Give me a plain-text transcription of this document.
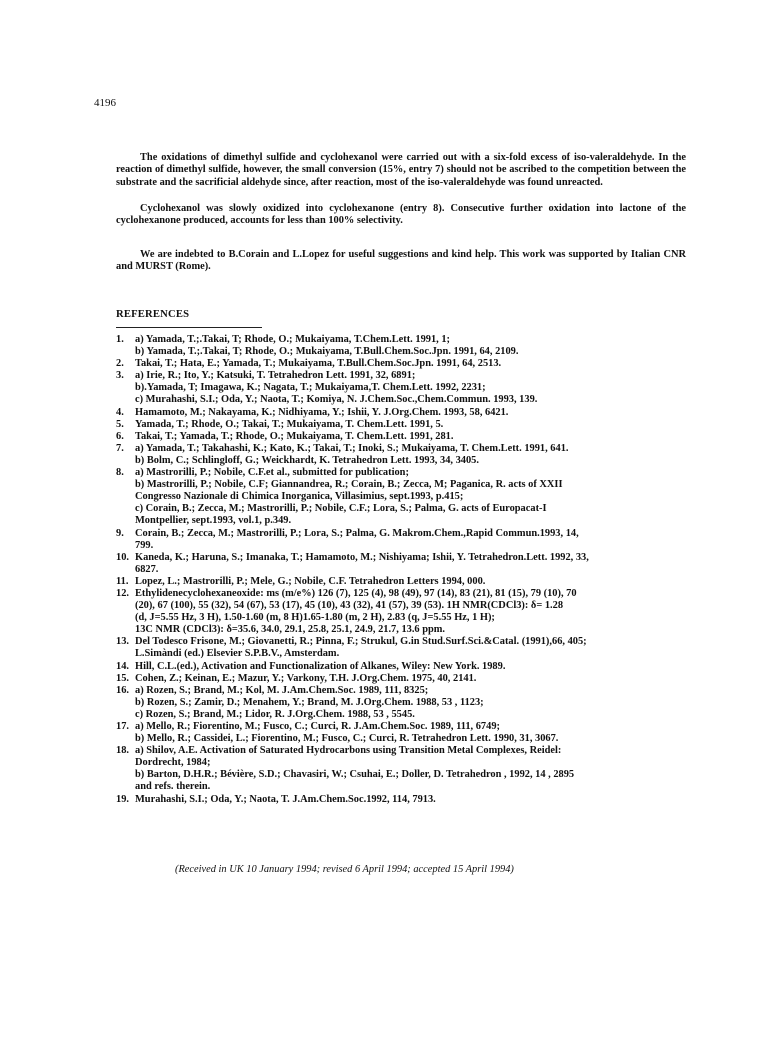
4196

The oxidations of dimethyl sulfide and cyclohexanol were carried out with a six-fold excess of iso-valeraldehyde. In the reaction of dimethyl sulfide, however, the small conversion (15%, entry 7) should not be ascribed to the competition between the substrate and the sacrificial aldehyde since, after reaction, most of the iso-valeraldehyde was found unreacted.

Cyclohexanol was slowly oxidized into cyclohexanone (entry 8). Consecutive further oxidation into lactone of the cyclohexanone produced, accounts for less than 100% selectivity.

We are indebted to B.Corain and L.Lopez for useful suggestions and kind help. This work was supported by Italian CNR and MURST (Rome).

REFERENCES
1.	a) Yamada, T.;.Takai, T; Rhode, O.; Mukaiyama, T.Chem.Lett. 1991, 1;
b) Yamada, T.;.Takai, T; Rhode, O.; Mukaiyama, T.Bull.Chem.Soc.Jpn. 1991, 64, 2109.
2.	Takai, T.; Hata, E.; Yamada, T.; Mukaiyama, T.Bull.Chem.Soc.Jpn. 1991, 64, 2513.
3.	a) Irie, R.; Ito, Y.; Katsuki, T. Tetrahedron Lett. 1991, 32, 6891;
b).Yamada, T; Imagawa, K.; Nagata, T.; Mukaiyama,T. Chem.Lett. 1992, 2231;
c) Murahashi, S.I.; Oda, Y.; Naota, T.; Komiya, N. J.Chem.Soc.,Chem.Commun. 1993, 139.
4.	Hamamoto, M.; Nakayama, K.; Nidhiyama, Y.; Ishii, Y. J.Org.Chem. 1993, 58, 6421.
5.	Yamada, T.; Rhode, O.; Takai, T.; Mukaiyama, T. Chem.Lett. 1991, 5.
6.	Takai, T.; Yamada, T.; Rhode, O.; Mukaiyama, T. Chem.Lett. 1991, 281.
7.	a) Yamada, T.; Takahashi, K.; Kato, K.; Takai, T.; Inoki, S.; Mukaiyama, T. Chem.Lett. 1991, 641.
b) Bolm, C.; Schlingloff, G.; Weickhardt, K. Tetrahedron Lett. 1993, 34, 3405.
8.	a) Mastrorilli, P.; Nobile, C.F.et al., submitted for publication;
b) Mastrorilli, P.; Nobile, C.F; Giannandrea, R.; Corain, B.; Zecca, M; Paganica, R. acts of XXII
Congresso Nazionale di Chimica Inorganica, Villasimius, sept.1993, p.415;
c) Corain, B.; Zecca, M.; Mastrorilli, P.; Nobile, C.F.; Lora, S.; Palma, G. acts of Europacat-I
Montpellier, sept.1993, vol.1, p.349.
9.	Corain, B.; Zecca, M.; Mastrorilli, P.; Lora, S.; Palma, G. Makrom.Chem.,Rapid Commun.1993, 14,
799.
10. Kaneda, K.; Haruna, S.; Imanaka, T.; Hamamoto, M.; Nishiyama; Ishii, Y. Tetrahedron.Lett. 1992, 33,
6827.
11. Lopez, L.; Mastrorilli, P.; Mele, G.; Nobile, C.F. Tetrahedron Letters 1994, 000.
12. Ethylidenecyclohexaneoxide: ms (m/e%) 126 (7), 125 (4), 98 (49), 97 (14), 83 (21), 81 (15), 79 (10), 70
(20), 67 (100), 55 (32), 54 (67), 53 (17), 45 (10), 43 (32), 41 (57), 39 (53). 1H NMR(CDCl3): δ= 1.28
(d, J=5.55 Hz, 3 H), 1.50-1.60 (m, 8 H)1.65-1.80 (m, 2 H), 2.83 (q, J=5.55 Hz, 1 H);
13C NMR (CDCl3): δ=35.6, 34.0, 29.1, 25.8, 25.1, 24.9, 21.7, 13.6 ppm.
13. Del Todesco Frisone, M.; Giovanetti, R.; Pinna, F.; Strukul, G.in Stud.Surf.Sci.&Catal. (1991),66, 405;
L.Simàndi (ed.) Elsevier S.P.B.V., Amsterdam.
14. Hill, C.L.(ed.), Activation and Functionalization of Alkanes, Wiley: New York. 1989.
15. Cohen, Z.; Keinan, E.; Mazur, Y.; Varkony, T.H. J.Org.Chem. 1975, 40, 2141.
16. a) Rozen, S.; Brand, M.; Kol, M. J.Am.Chem.Soc. 1989, 111, 8325;
b) Rozen, S.; Zamir, D.; Menahem, Y.; Brand, M. J.Org.Chem. 1988, 53 , 1123;
c) Rozen, S.; Brand, M.; Lidor, R. J.Org.Chem. 1988, 53 , 5545.
17. a) Mello, R.; Fiorentino, M.; Fusco, C.; Curci, R. J.Am.Chem.Soc. 1989, 111, 6749;
b) Mello, R.; Cassidei, L.; Fiorentino, M.; Fusco, C.; Curci, R. Tetrahedron Lett. 1990, 31, 3067.
18. a) Shilov, A.E. Activation of Saturated Hydrocarbons using Transition Metal Complexes, Reidel:
Dordrecht, 1984;
b) Barton, D.H.R.; Bévière, S.D.; Chavasiri, W.; Csuhai, E.; Doller, D. Tetrahedron , 1992, 14 , 2895
and refs. therein.
19. Murahashi, S.I.; Oda, Y.; Naota, T. J.Am.Chem.Soc.1992, 114, 7913.
(Received in UK 10 January 1994; revised 6 April 1994; accepted 15 April 1994)
